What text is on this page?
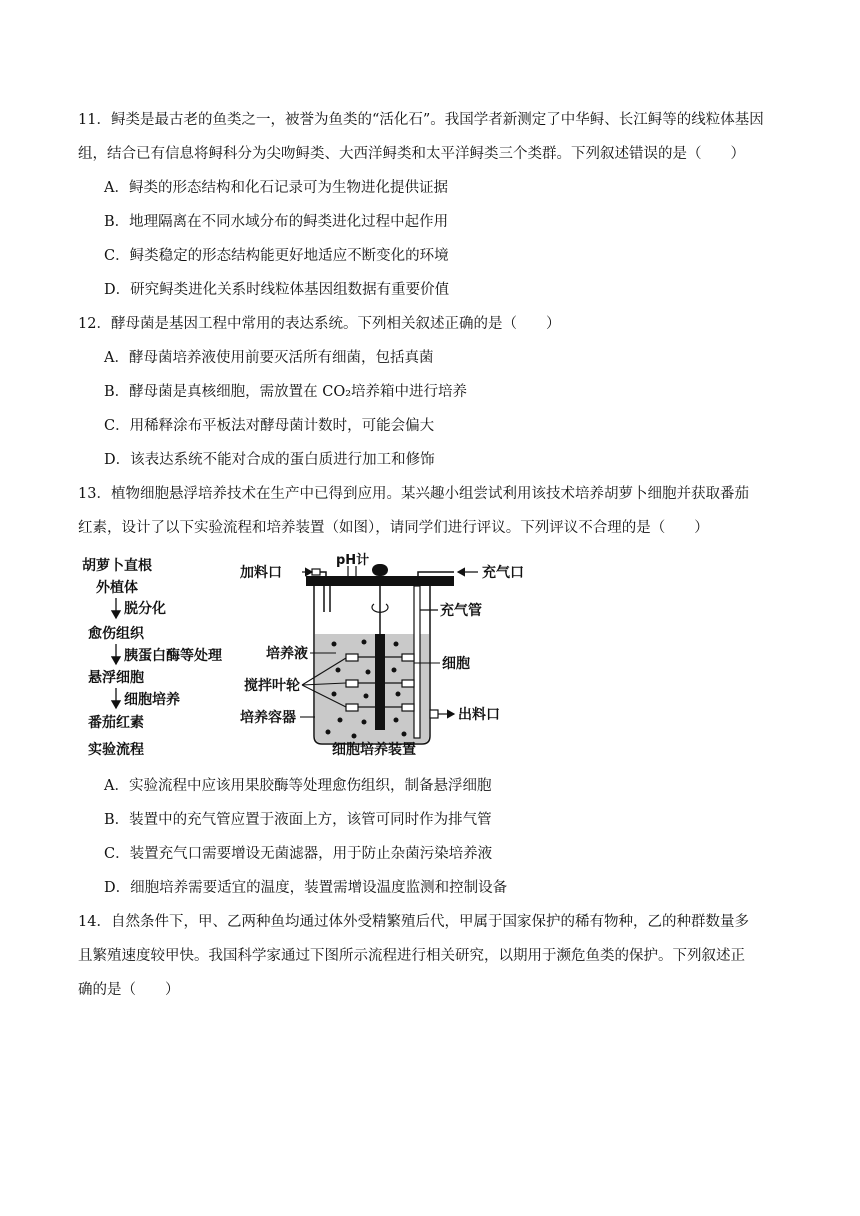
11．鲟类是最古老的鱼类之一，被誉为鱼类的“活化石”。我国学者新测定了中华鲟、长江鲟等的线粒体基因
组，结合已有信息将鲟科分为尖吻鲟类、大西洋鲟类和太平洋鲟类三个类群。下列叙述错误的是（　　）
A．鲟类的形态结构和化石记录可为生物进化提供证据
B．地理隔离在不同水域分布的鲟类进化过程中起作用
C．鲟类稳定的形态结构能更好地适应不断变化的环境
D．研究鲟类进化关系时线粒体基因组数据有重要价值
12．酵母菌是基因工程中常用的表达系统。下列相关叙述正确的是（　　）
A．酵母菌培养液使用前要灭活所有细菌，包括真菌
B．酵母菌是真核细胞，需放置在 CO₂培养箱中进行培养
C．用稀释涂布平板法对酵母菌计数时，可能会偏大
D．该表达系统不能对合成的蛋白质进行加工和修饰
13．植物细胞悬浮培养技术在生产中已得到应用。某兴趣小组尝试利用该技术培养胡萝卜细胞并获取番茄
红素，设计了以下实验流程和培养装置（如图），请同学们进行评议。下列评议不合理的是（　　）
胡萝卜直根
外植体
脱分化
愈伤组织
胰蛋白酶等处理
悬浮细胞
细胞培养
番茄红素
实验流程
pH计
加料口	充气口
充气管
出料口
培养液
搅拌叶轮
培养容器
细胞
细胞培养装置
A．实验流程中应该用果胶酶等处理愈伤组织，制备悬浮细胞
B．装置中的充气管应置于液面上方，该管可同时作为排气管
C．装置充气口需要增设无菌滤器，用于防止杂菌污染培养液
D．细胞培养需要适宜的温度，装置需增设温度监测和控制设备
14．自然条件下，甲、乙两种鱼均通过体外受精繁殖后代，甲属于国家保护的稀有物种，乙的种群数量多
且繁殖速度较甲快。我国科学家通过下图所示流程进行相关研究，以期用于濒危鱼类的保护。下列叙述正
确的是（　　）
